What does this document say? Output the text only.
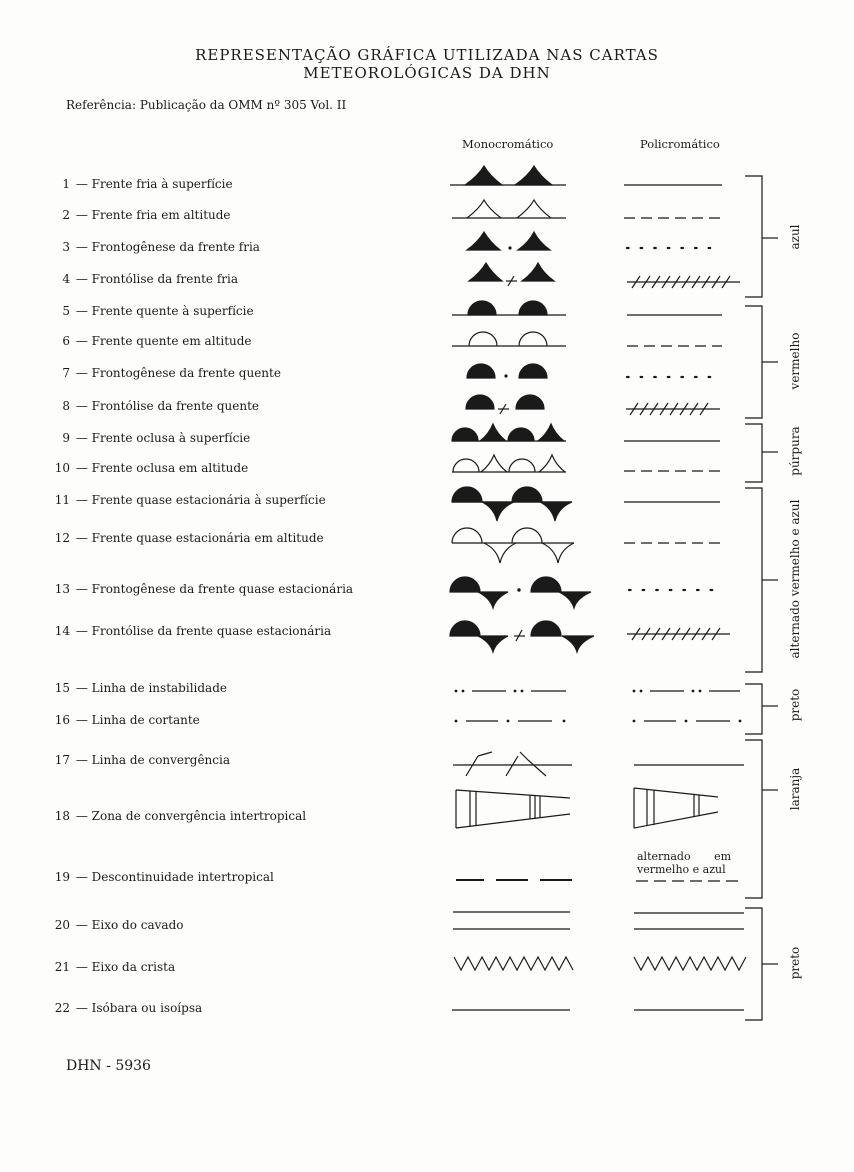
REPRESENTAÇÃO GRÁFICA UTILIZADA NAS CARTAS
METEOROLÓGICAS DA DHN
Referência: Publicação da OMM nº 305 Vol. II
Monocromático	Policromático
1 — Frente fria à superfície
2 — Frente fria em altitude
3 — Frontogênese da frente fria
4 — Frontólise da frente fria
5 — Frente quente à superfície
6 — Frente quente em altitude
7 — Frontogênese da frente quente
8 — Frontólise da frente quente
9 — Frente oclusa à superfície
10 — Frente oclusa em altitude
11 — Frente quase estacionária à superfície
12 — Frente quase estacionária em altitude
13 — Frontogênese da frente quase estacionária
14 — Frontólise da frente quase estacionária
15 — Linha de instabilidade
16 — Linha de cortante
17 — Linha de convergência
18 — Zona de convergência intertropical
19 — Descontinuidade intertropical
20 — Eixo do cavado
21 — Eixo da crista
22 — Isóbara ou isoípsa
azul
vermelho
púrpura
alternado vermelho e azul
preto
laranja
preto
alternado em
vermelho e azul
DHN - 5936
